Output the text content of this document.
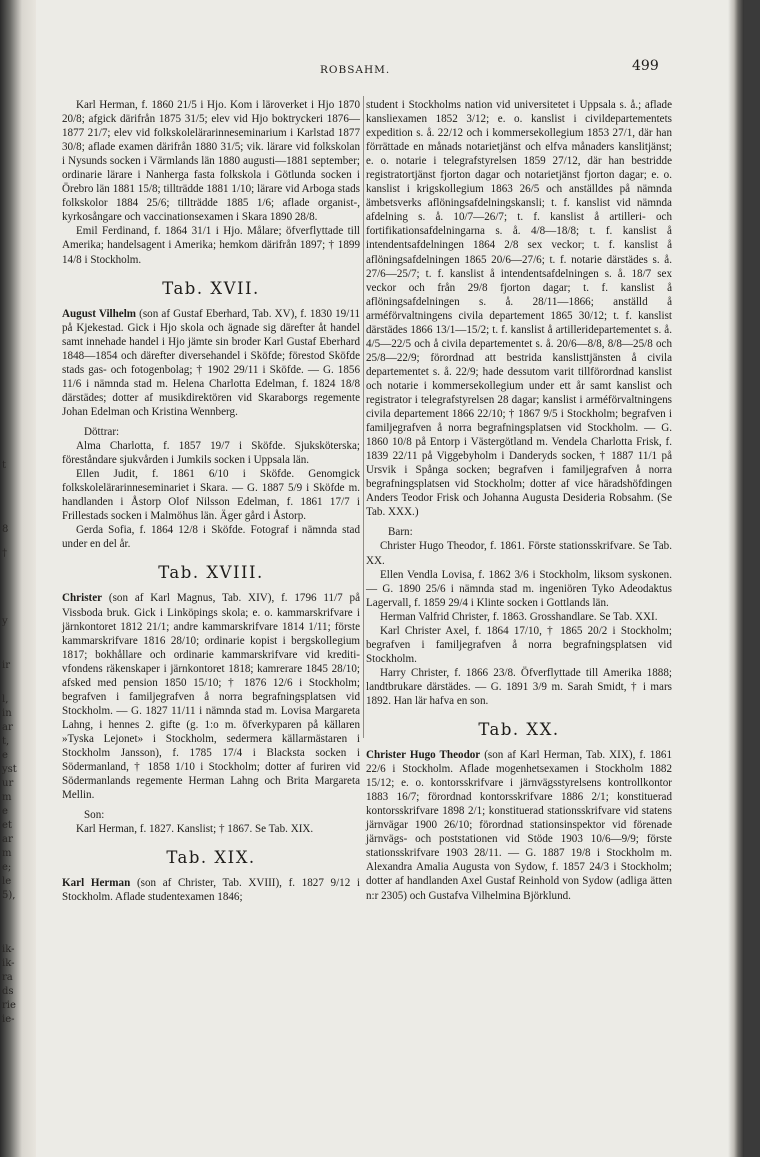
t
8
†
y
ir
l,
in
ar
t,
e
yst
ur
m
e
et
ar
m
e;
le
5),
ik-
ik-
ra
ds
rie
ie-
ROBSAHM.	499

Karl Herman, f. 1860 21/5 i Hjo. Kom i läroverket i Hjo 1870 20/8; afgick därifrån 1875 31/5; elev vid Hjo boktryckeri 1876—1877 21/7; elev vid folkskolelärarinneseminarium i Karlstad 1877 30/8; aflade examen därifrån 1880 31/5; vik. lärare vid folkskolan i Nysunds socken i Värmlands län 1880 augusti—1881 september; ordinarie lärare i Nanherga fasta folkskola i Götlunda socken i Örebro län 1881 15/8; tillträdde 1881 1/10; lärare vid Arboga stads folkskolor 1884 25/6; tillträdde 1885 1/6; aflade organist-, kyrkosångare och vaccinationsexamen i Skara 1890 28/8.

Emil Ferdinand, f. 1864 31/1 i Hjo. Målare; öfverflyttade till Amerika; handelsagent i Amerika; hemkom därifrån 1897; † 1899 14/8 i Stockholm.

Tab. XVII.

August Vilhelm (son af Gustaf Eberhard, Tab. XV), f. 1830 19/11 på Kjekestad. Gick i Hjo skola och ägnade sig därefter åt handel samt innehade handel i Hjo jämte sin broder Karl Gustaf Eberhard 1848—1854 och därefter diversehandel i Sköfde; förestod Sköfde stads gas- och fotogenbolag; † 1902 29/11 i Sköfde. — G. 1856 11/6 i nämnda stad m. Helena Charlotta Edelman, f. 1824 18/8 därstädes; dotter af musikdirektören vid Skaraborgs regemente Johan Edelman och Kristina Wennberg.

Döttrar:

Alma Charlotta, f. 1857 19/7 i Sköfde. Sjuksköterska; föreståndare sjukvården i Jumkils socken i Uppsala län.

Ellen Judit, f. 1861 6/10 i Sköfde. Genomgick folkskolelärarinneseminariet i Skara. — G. 1887 5/9 i Sköfde m. handlanden i Åstorp Olof Nilsson Edelman, f. 1861 17/7 i Frillestads socken i Malmöhus län. Äger gård i Åstorp.

Gerda Sofia, f. 1864 12/8 i Sköfde. Fotograf i nämnda stad under en del år.

Tab. XVIII.

Christer (son af Karl Magnus, Tab. XIV), f. 1796 11/7 på Vissboda bruk. Gick i Linköpings skola; e. o. kammarskrifvare i järnkontoret 1812 21/1; andre kammarskrifvare 1814 1/11; förste kammarskrifvare 1816 28/10; ordinarie kopist i bergskollegium 1817; bokhållare och ordinarie kammarskrifvare vid kreditivfondens räkenskaper i järnkontoret 1818; kamrerare 1845 28/10; afsked med pension 1850 15/10; † 1876 12/6 i Stockholm; begrafven i familjegrafven å norra begrafningsplatsen vid Stockholm. — G. 1827 11/11 i nämnda stad m. Lovisa Margareta Lahng, i hennes 2. gifte (g. 1:o m. öfverkyparen på källaren »Tyska Lejonet» i Stockholm, sedermera källarmästaren i Stockholm Jansson), f. 1785 17/4 i Blacksta socken i Södermanland, † 1858 1/10 i Stockholm; dotter af furiren vid Södermanlands regemente Herman Lahng och Brita Margareta Mellin.

Son:

Karl Herman, f. 1827. Kanslist; † 1867. Se Tab. XIX.

Tab. XIX.

Karl Herman (son af Christer, Tab. XVIII), f. 1827 9/12 i Stockholm. Aflade studentexamen 1846;

student i Stockholms nation vid universitetet i Uppsala s. å.; aflade kansliexamen 1852 3/12; e. o. kanslist i civildepartementets expedition s. å. 22/12 och i kommersekollegium 1853 27/1, där han förrättade en månads notarietjänst och elfva månaders kanslitjänst; e. o. notarie i telegrafstyrelsen 1859 27/12, där han bestridde registratortjänst fjorton dagar och notarietjänst fjorton dagar; e. o. kanslist i krigskollegium 1863 26/5 och anställdes på nämnda ämbetsverks aflöningsafdelningskansli; t. f. kanslist vid nämnda afdelning s. å. 10/7—26/7; t. f. kanslist å artilleri- och fortifikationsafdelningarna s. å. 4/8—18/8; t. f. kanslist å intendentsafdelningen 1864 2/8 sex veckor; t. f. kanslist å aflöningsafdelningen 1865 20/6—27/6; t. f. notarie därstädes s. å. 27/6—25/7; t. f. kanslist å intendentsafdelningen s. å. 18/7 sex veckor och från 29/8 fjorton dagar; t. f. kanslist å aflöningsafdelningen s. å. 28/11—1866; anställd å arméförvaltningens civila departement 1865 30/12; t. f. kanslist därstädes 1866 13/1—15/2; t. f. kanslist å artilleridepartementet s. å. 4/5—22/5 och å civila departementet s. å. 20/6—8/8, 8/8—25/8 och 25/8—22/9; förordnad att bestrida kanslisttjänsten å civila departementet s. å. 22/9; hade dessutom varit tillförordnad kanslist och notarie i kommersekollegium under ett år samt kanslist och registrator i telegrafstyrelsen 28 dagar; kanslist i arméförvaltningens civila departement 1866 22/10; † 1867 9/5 i Stockholm; begrafven i familjegrafven å norra begrafningsplatsen vid Stockholm. — G. 1860 10/8 på Entorp i Västergötland m. Vendela Charlotta Frisk, f. 1839 22/11 på Viggebyholm i Danderyds socken, † 1887 11/1 på Ursvik i Spånga socken; begrafven i familjegrafven å norra begrafningsplatsen vid Stockholm; dotter af vice häradshöfdingen Anders Teodor Frisk och Johanna Augusta Desideria Robsahm. (Se Tab. XXX.)

Barn:

Christer Hugo Theodor, f. 1861. Förste stationsskrifvare. Se Tab. XX.

Ellen Vendla Lovisa, f. 1862 3/6 i Stockholm, liksom syskonen. — G. 1890 25/6 i nämnda stad m. ingeniören Tyko Adeodaktus Lagervall, f. 1859 29/4 i Klinte socken i Gottlands län.

Herman Valfrid Christer, f. 1863. Grosshandlare. Se Tab. XXI.

Karl Christer Axel, f. 1864 17/10, † 1865 20/2 i Stockholm; begrafven i familjegrafven å norra begrafningsplatsen vid Stockholm.

Harry Christer, f. 1866 23/8. Öfverflyttade till Amerika 1888; landtbrukare därstädes. — G. 1891 3/9 m. Sarah Smidt, † i mars 1892. Han lär hafva en son.

Tab. XX.

Christer Hugo Theodor (son af Karl Herman, Tab. XIX), f. 1861 22/6 i Stockholm. Aflade mogenhetsexamen i Stockholm 1882 15/12; e. o. kontorsskrifvare i järnvägsstyrelsens kontrollkontor 1883 16/7; förordnad kontorsskrifvare 1886 2/1; konstituerad kontorsskrifvare 1898 2/1; konstituerad stationsskrifvare vid statens järnvägar 1900 26/10; förordnad stationsinspektor vid förenade järnvägs- och poststationen vid Stöde 1903 10/6—9/9; förste stationsskrifvare 1903 28/11. — G. 1887 19/8 i Stockholm m. Alexandra Amalia Augusta von Sydow, f. 1857 24/3 i Stockholm; dotter af handlanden Axel Gustaf Reinhold von Sydow (adliga ätten n:r 2305) och Gustafva Vilhelmina Björklund.
